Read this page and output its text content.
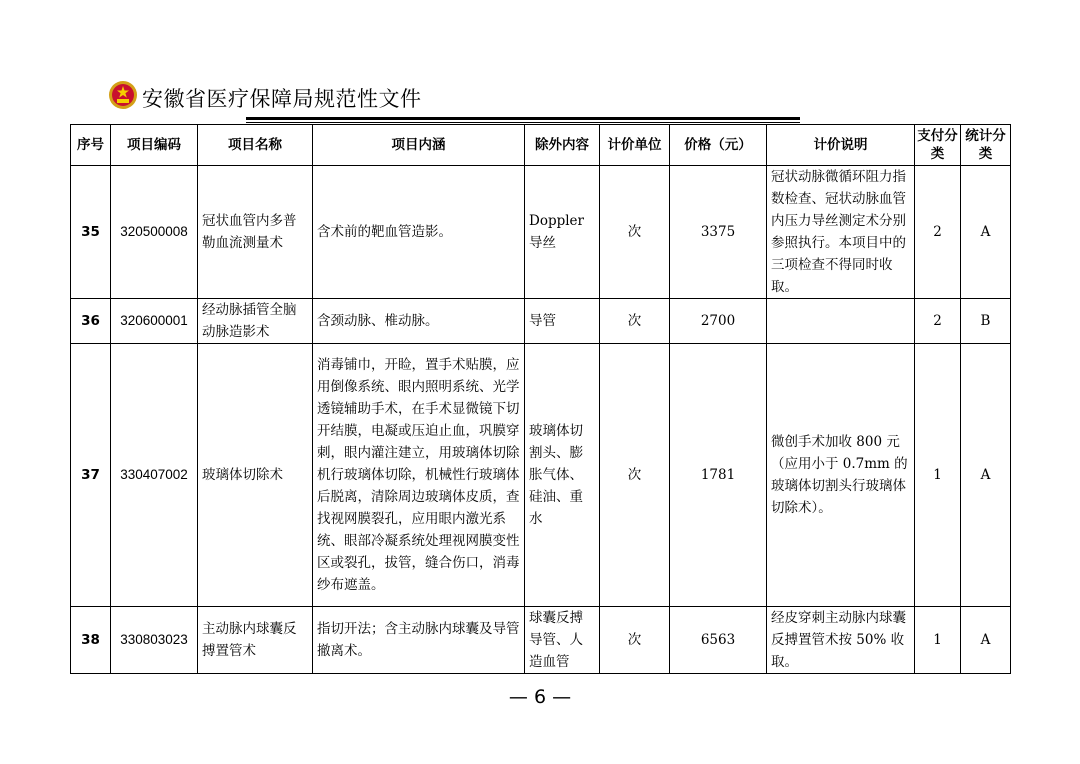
安徽省医疗保障局规范性文件
序号	项目编码	项目名称	项目内涵	除外内容	计价单位	价格（元）	计价说明	支付分类	统计分类
35	320500008	冠状血管内多普勒血流测量术	含术前的靶血管造影。	Doppler 导丝	次	3375	冠状动脉微循环阻力指数检查、冠状动脉血管内压力导丝测定术分别参照执行。本项目中的三项检查不得同时收取。	2	A
36	320600001	经动脉插管全脑动脉造影术	含颈动脉、椎动脉。	导管	次	2700		2	B
37	330407002	玻璃体切除术	消毒铺巾，开睑，置手术贴膜，应用倒像系统、眼内照明系统、光学透镜辅助手术，在手术显微镜下切开结膜，电凝或压迫止血，巩膜穿刺，眼内灌注建立，用玻璃体切除机行玻璃体切除，机械性行玻璃体后脱离，清除周边玻璃体皮质，查找视网膜裂孔，应用眼内激光系统、眼部冷凝系统处理视网膜变性区或裂孔，拔管，缝合伤口，消毒纱布遮盖。	玻璃体切割头、膨胀气体、硅油、重水	次	1781	微创手术加收 800 元（应用小于 0.7mm 的玻璃体切割头行玻璃体切除术）。	1	A
38	330803023	主动脉内球囊反搏置管术	指切开法；含主动脉内球囊及导管撤离术。	球囊反搏导管、人造血管	次	6563	经皮穿刺主动脉内球囊反搏置管术按 50% 收取。	1	A
— 6 —
